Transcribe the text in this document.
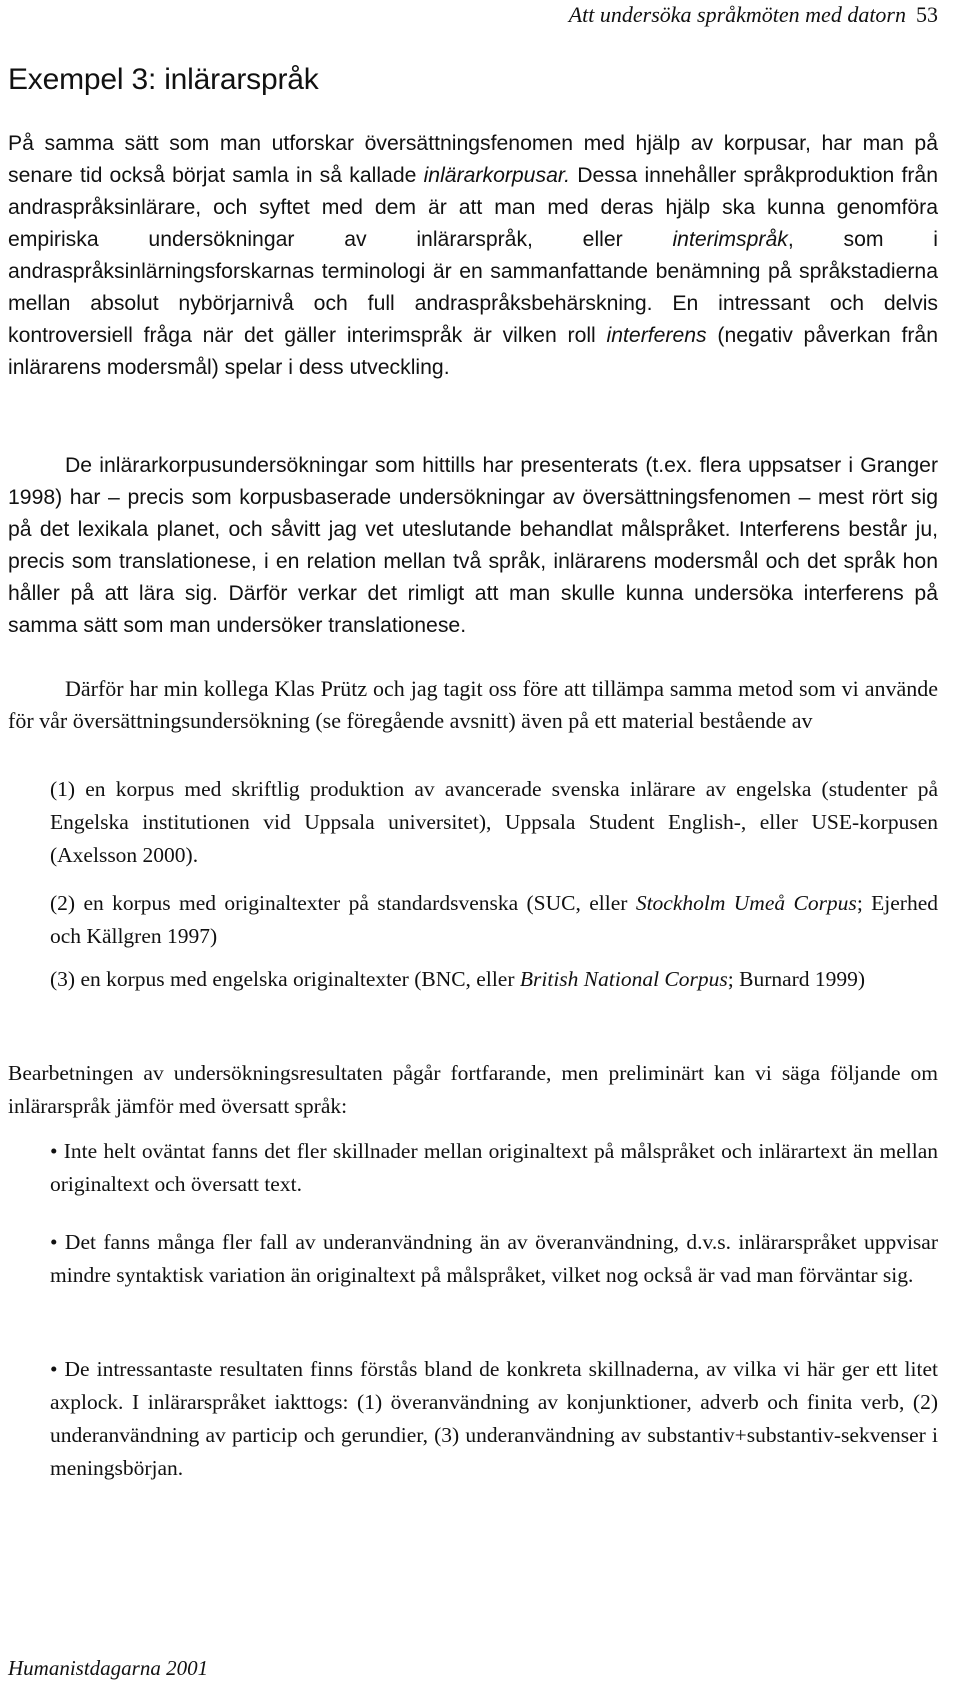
Att undersöka språkmöten med datorn 53
Exempel 3: inlärarspråk

På samma sätt som man utforskar översättningsfenomen med hjälp av korpusar, har man på senare tid också börjat samla in så kallade inlärarkorpusar. Dessa innehåller språkproduktion från andraspråksinlärare, och syftet med dem är att man med deras hjälp ska kunna genomföra empiriska undersökningar av inlärarspråk, eller interimspråk, som i andraspråksinlärningsforskarnas terminologi är en sammanfattande benämning på språkstadierna mellan absolut nybörjarnivå och full andraspråksbehärskning. En intressant och delvis kontroversiell fråga när det gäller interimspråk är vilken roll interferens (negativ påverkan från inlärarens modersmål) spelar i dess utveckling.

De inlärarkorpusundersökningar som hittills har presenterats (t.ex. flera uppsatser i Granger 1998) har – precis som korpusbaserade undersökningar av översättningsfenomen – mest rört sig på det lexikala planet, och såvitt jag vet uteslutande behandlat målspråket. Interferens består ju, precis som translationese, i en relation mellan två språk, inlärarens modersmål och det språk hon håller på att lära sig. Därför verkar det rimligt att man skulle kunna undersöka interferens på samma sätt som man undersöker translationese.

Därför har min kollega Klas Prütz och jag tagit oss före att tillämpa samma metod som vi använde för vår översättningsundersökning (se föregående avsnitt) även på ett material bestående av

(1) en korpus med skriftlig produktion av avancerade svenska inlärare av engelska (studenter på Engelska institutionen vid Uppsala universitet), Uppsala Student English-, eller USE-korpusen (Axelsson 2000).

(2) en korpus med originaltexter på standardsvenska (SUC, eller Stockholm Umeå Corpus; Ejerhed och Källgren 1997)

(3) en korpus med engelska originaltexter (BNC, eller British National Corpus; Burnard 1999)

Bearbetningen av undersökningsresultaten pågår fortfarande, men preliminärt kan vi säga följande om inlärarspråk jämför med översatt språk:

• Inte helt oväntat fanns det fler skillnader mellan originaltext på målspråket och inlärartext än mellan originaltext och översatt text.

• Det fanns många fler fall av underanvändning än av överanvändning, d.v.s. inlärarspråket uppvisar mindre syntaktisk variation än originaltext på målspråket, vilket nog också är vad man förväntar sig.

• De intressantaste resultaten finns förstås bland de konkreta skillnaderna, av vilka vi här ger ett litet axplock. I inlärarspråket iakttogs: (1) överanvändning av konjunktioner, adverb och finita verb, (2) underanvändning av particip och gerundier, (3) underanvändning av substantiv+substantiv-sekvenser i meningsbörjan.

Humanistdagarna 2001
